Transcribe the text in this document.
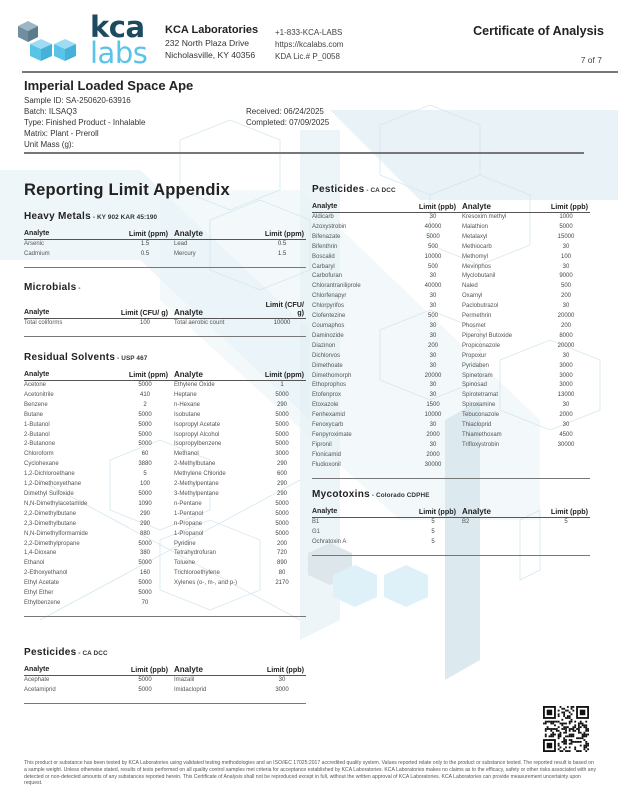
kca
labs
KCA Laboratories
232 North Plaza Drive
Nicholasville, KY 40356
+1-833-KCA-LABS
https://kcalabs.com
KDA Lic.# P_0058
Certificate of Analysis
7 of 7
Imperial Loaded Space Ape
Sample ID: SA-250620-63916
Batch: ILSAQ3
Type: Finished Product - Inhalable
Matrix: Plant - Preroll
Unit Mass (g):
Received: 06/24/2025
Completed: 07/09/2025
Reporting Limit Appendix
Heavy Metals - KY 902 KAR 45:190
Analyte	Limit (ppm)	Analyte	Limit (ppm)
Arsenic	1.5	Lead	0.5
Cadmium	0.5	Mercury	1.5
Microbials -
Analyte	Limit (CFU/ g)	Analyte	Limit (CFU/ g)
Total coliforms	100	Total aerobic count	10000
Residual Solvents - USP 467
Analyte	Limit (ppm)	Analyte	Limit (ppm)
Acetone	5000	Ethylene Oxide	1
Acetonitrile	410	Heptane	5000
Benzene	2	n-Hexane	290
Butane	5000	Isobutane	5000
1-Butanol	5000	Isopropyl Acetate	5000
2-Butanol	5000	Isopropyl Alcohol	5000
2-Butanone	5000	Isopropylbenzene	5000
Chloroform	60	Methanol	3000
Cyclohexane	3880	2-Methylbutane	290
1,2-Dichloroethane	5	Methylene Chloride	600
1,2-Dimethoxyethane	100	2-Methylpentane	290
Dimethyl Sulfoxide	5000	3-Methylpentane	290
N,N-Dimethylacetamide	1090	n-Pentane	5000
2,2-Dimethylbutane	290	1-Pentanol	5000
2,3-Dimethylbutane	290	n-Propane	5000
N,N-Dimethylformamide	880	1-Propanol	5000
2,2-Dimethylpropane	5000	Pyridine	200
1,4-Dioxane	380	Tetrahydrofuran	720
Ethanol	5000	Toluene	890
2-Ethoxyethanol	160	Trichloroethylene	80
Ethyl Acetate	5000	Xylenes (o-, m-, and p-)	2170
Ethyl Ether	5000		
Ethylbenzene	70		
Pesticides - CA DCC
Analyte	Limit (ppb)	Analyte	Limit (ppb)
Acephate	5000	Imazalil	30
Acetamiprid	5000	Imidacloprid	3000
Pesticides - CA DCC
Analyte	Limit (ppb)	Analyte	Limit (ppb)
Aldicarb	30	Kresoxim methyl	1000
Azoxystrobin	40000	Malathion	5000
Bifenazate	5000	Metalaxyl	15000
Bifenthrin	500	Methiocarb	30
Boscalid	10000	Methomyl	100
Carbaryl	500	Mevinphos	30
Carbofuran	30	Myclobutanil	9000
Chlorantraniliprole	40000	Naled	500
Chlorfenapyr	30	Oxamyl	200
Chlorpyrifos	30	Paclobutrazol	30
Clofentezine	500	Permethrin	20000
Coumaphos	30	Phosmet	200
Daminozide	30	Piperonyl Butoxide	8000
Diazinon	200	Propiconazole	20000
Dichlorvos	30	Propoxur	30
Dimethoate	30	Pyridaben	3000
Dimethomorph	20000	Spinetoram	3000
Ethoprophos	30	Spinosad	3000
Etofenprox	30	Spirotetramat	13000
Etoxazole	1500	Spiroxamine	30
Fenhexamid	10000	Tebuconazole	2000
Fenoxycarb	30	Thiacloprid	30
Fenpyroximate	2000	Thiamethoxam	4500
Fipronil	30	Trifloxystrobin	30000
Flonicamid	2000		
Fludioxonil	30000		
Mycotoxins - Colorado CDPHE
Analyte	Limit (ppb)	Analyte	Limit (ppb)
B1	5	B2	5
G1	5		
Ochratoxin A	5		
This product or substance has been tested by KCA Laboratories using validated testing methodologies and an ISO/IEC 17025:2017 accredited quality system. Values reported relate only to the product or substance tested. The reported result is based on a sample weight. Unless otherwise stated, results of tests performed on all quality control samples met criteria for acceptance established by KCA Laboratories. KCA Laboratories makes no claims as to the efficacy, safety or other risks associated with any detected or non-detected amounts of any substances reported herein. This Certificate of Analysis shall not be reproduced except in full, without the written approval of KCA Laboratories. KCA Laboratories can provide measurement uncertainty upon request.
